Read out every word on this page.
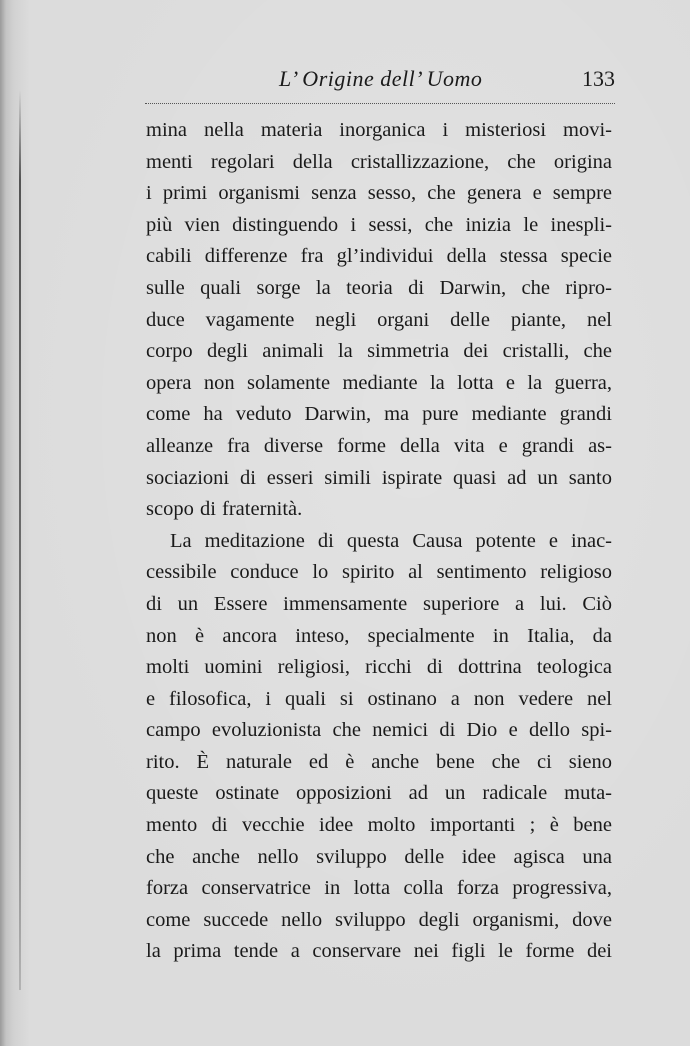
L’ Origine dell’ Uomo	133
mina nella materia inorganica i misteriosi movi-
menti regolari della cristallizzazione, che origina
i primi organismi senza sesso, che genera e sempre
più vien distinguendo i sessi, che inizia le inespli-
cabili differenze fra gl’individui della stessa specie
sulle quali sorge la teoria di Darwin, che ripro-
duce vagamente negli organi delle piante, nel
corpo degli animali la simmetria dei cristalli, che
opera non solamente mediante la lotta e la guerra,
come ha veduto Darwin, ma pure mediante grandi
alleanze fra diverse forme della vita e grandi as-
sociazioni di esseri simili ispirate quasi ad un santo
scopo di fraternità.
La meditazione di questa Causa potente e inac-
cessibile conduce lo spirito al sentimento religioso
di un Essere immensamente superiore a lui. Ciò
non è ancora inteso, specialmente in Italia, da
molti uomini religiosi, ricchi di dottrina teologica
e filosofica, i quali si ostinano a non vedere nel
campo evoluzionista che nemici di Dio e dello spi-
rito. È naturale ed è anche bene che ci sieno
queste ostinate opposizioni ad un radicale muta-
mento di vecchie idee molto importanti ; è bene
che anche nello sviluppo delle idee agisca una
forza conservatrice in lotta colla forza progressiva,
come succede nello sviluppo degli organismi, dove
la prima tende a conservare nei figli le forme dei
